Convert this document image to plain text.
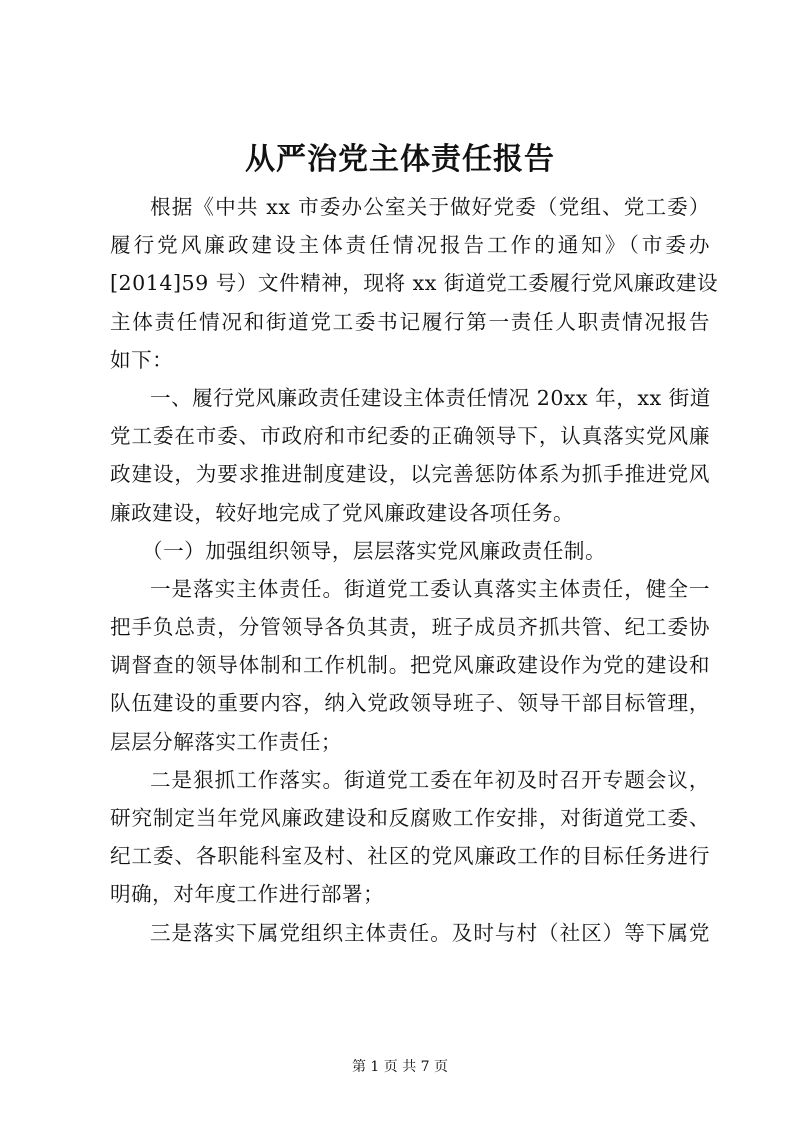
从严治党主体责任报告
根据《中共 xx 市委办公室关于做好党委（党组、党工委）
履行党风廉政建设主体责任情况报告工作的通知》（市委办
[2014]59 号）文件精神，现将 xx 街道党工委履行党风廉政建设
主体责任情况和街道党工委书记履行第一责任人职责情况报告
如下：
一、履行党风廉政责任建设主体责任情况 20xx 年，xx 街道
党工委在市委、市政府和市纪委的正确领导下，认真落实党风廉
政建设，为要求推进制度建设，以完善惩防体系为抓手推进党风
廉政建设，较好地完成了党风廉政建设各项任务。
（一）加强组织领导，层层落实党风廉政责任制。
一是落实主体责任。街道党工委认真落实主体责任，健全一
把手负总责，分管领导各负其责，班子成员齐抓共管、纪工委协
调督查的领导体制和工作机制。把党风廉政建设作为党的建设和
队伍建设的重要内容，纳入党政领导班子、领导干部目标管理，
层层分解落实工作责任；
二是狠抓工作落实。街道党工委在年初及时召开专题会议，
研究制定当年党风廉政建设和反腐败工作安排，对街道党工委、
纪工委、各职能科室及村、社区的党风廉政工作的目标任务进行
明确，对年度工作进行部署；
三是落实下属党组织主体责任。及时与村（社区）等下属党
第 1 页 共 7 页
